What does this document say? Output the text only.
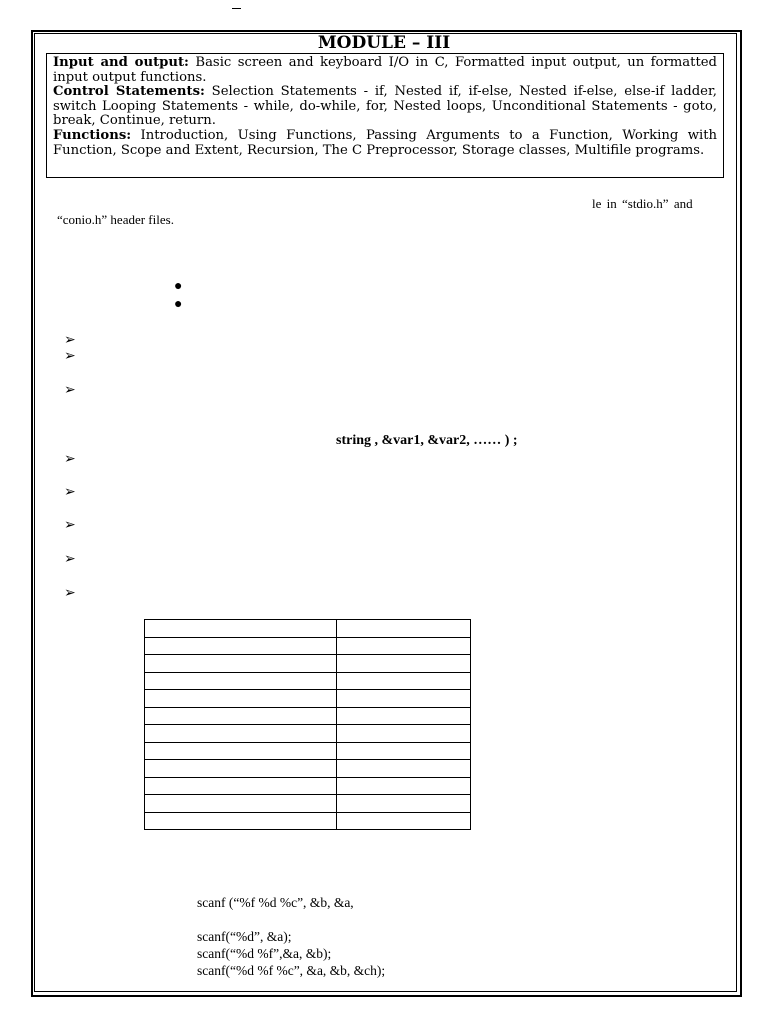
MODULE – III

Input and output: Basic screen and keyboard I/O in C, Formatted input output, un formatted input output functions.

Control Statements: Selection Statements - if, Nested if, if-else, Nested if-else, else-if ladder, switch Looping Statements - while, do-while, for, Nested loops, Unconditional Statements - goto, break, Continue, return.

Functions: Introduction, Using Functions, Passing Arguments to a Function, Working with Function, Scope and Extent, Recursion, The C Preprocessor, Storage classes, Multifile programs.

le in “stdio.h” and
“conio.h” header files.
●
●
➢
➢
➢
string , &var1, &var2, …… ) ;
➢
➢
➢
➢
➢

scanf (“%f %d %c”, &b, &a,
scanf(“%d”, &a);
scanf(“%d %f”,&a, &b);
scanf(“%d %f %c”, &a, &b, &ch);
